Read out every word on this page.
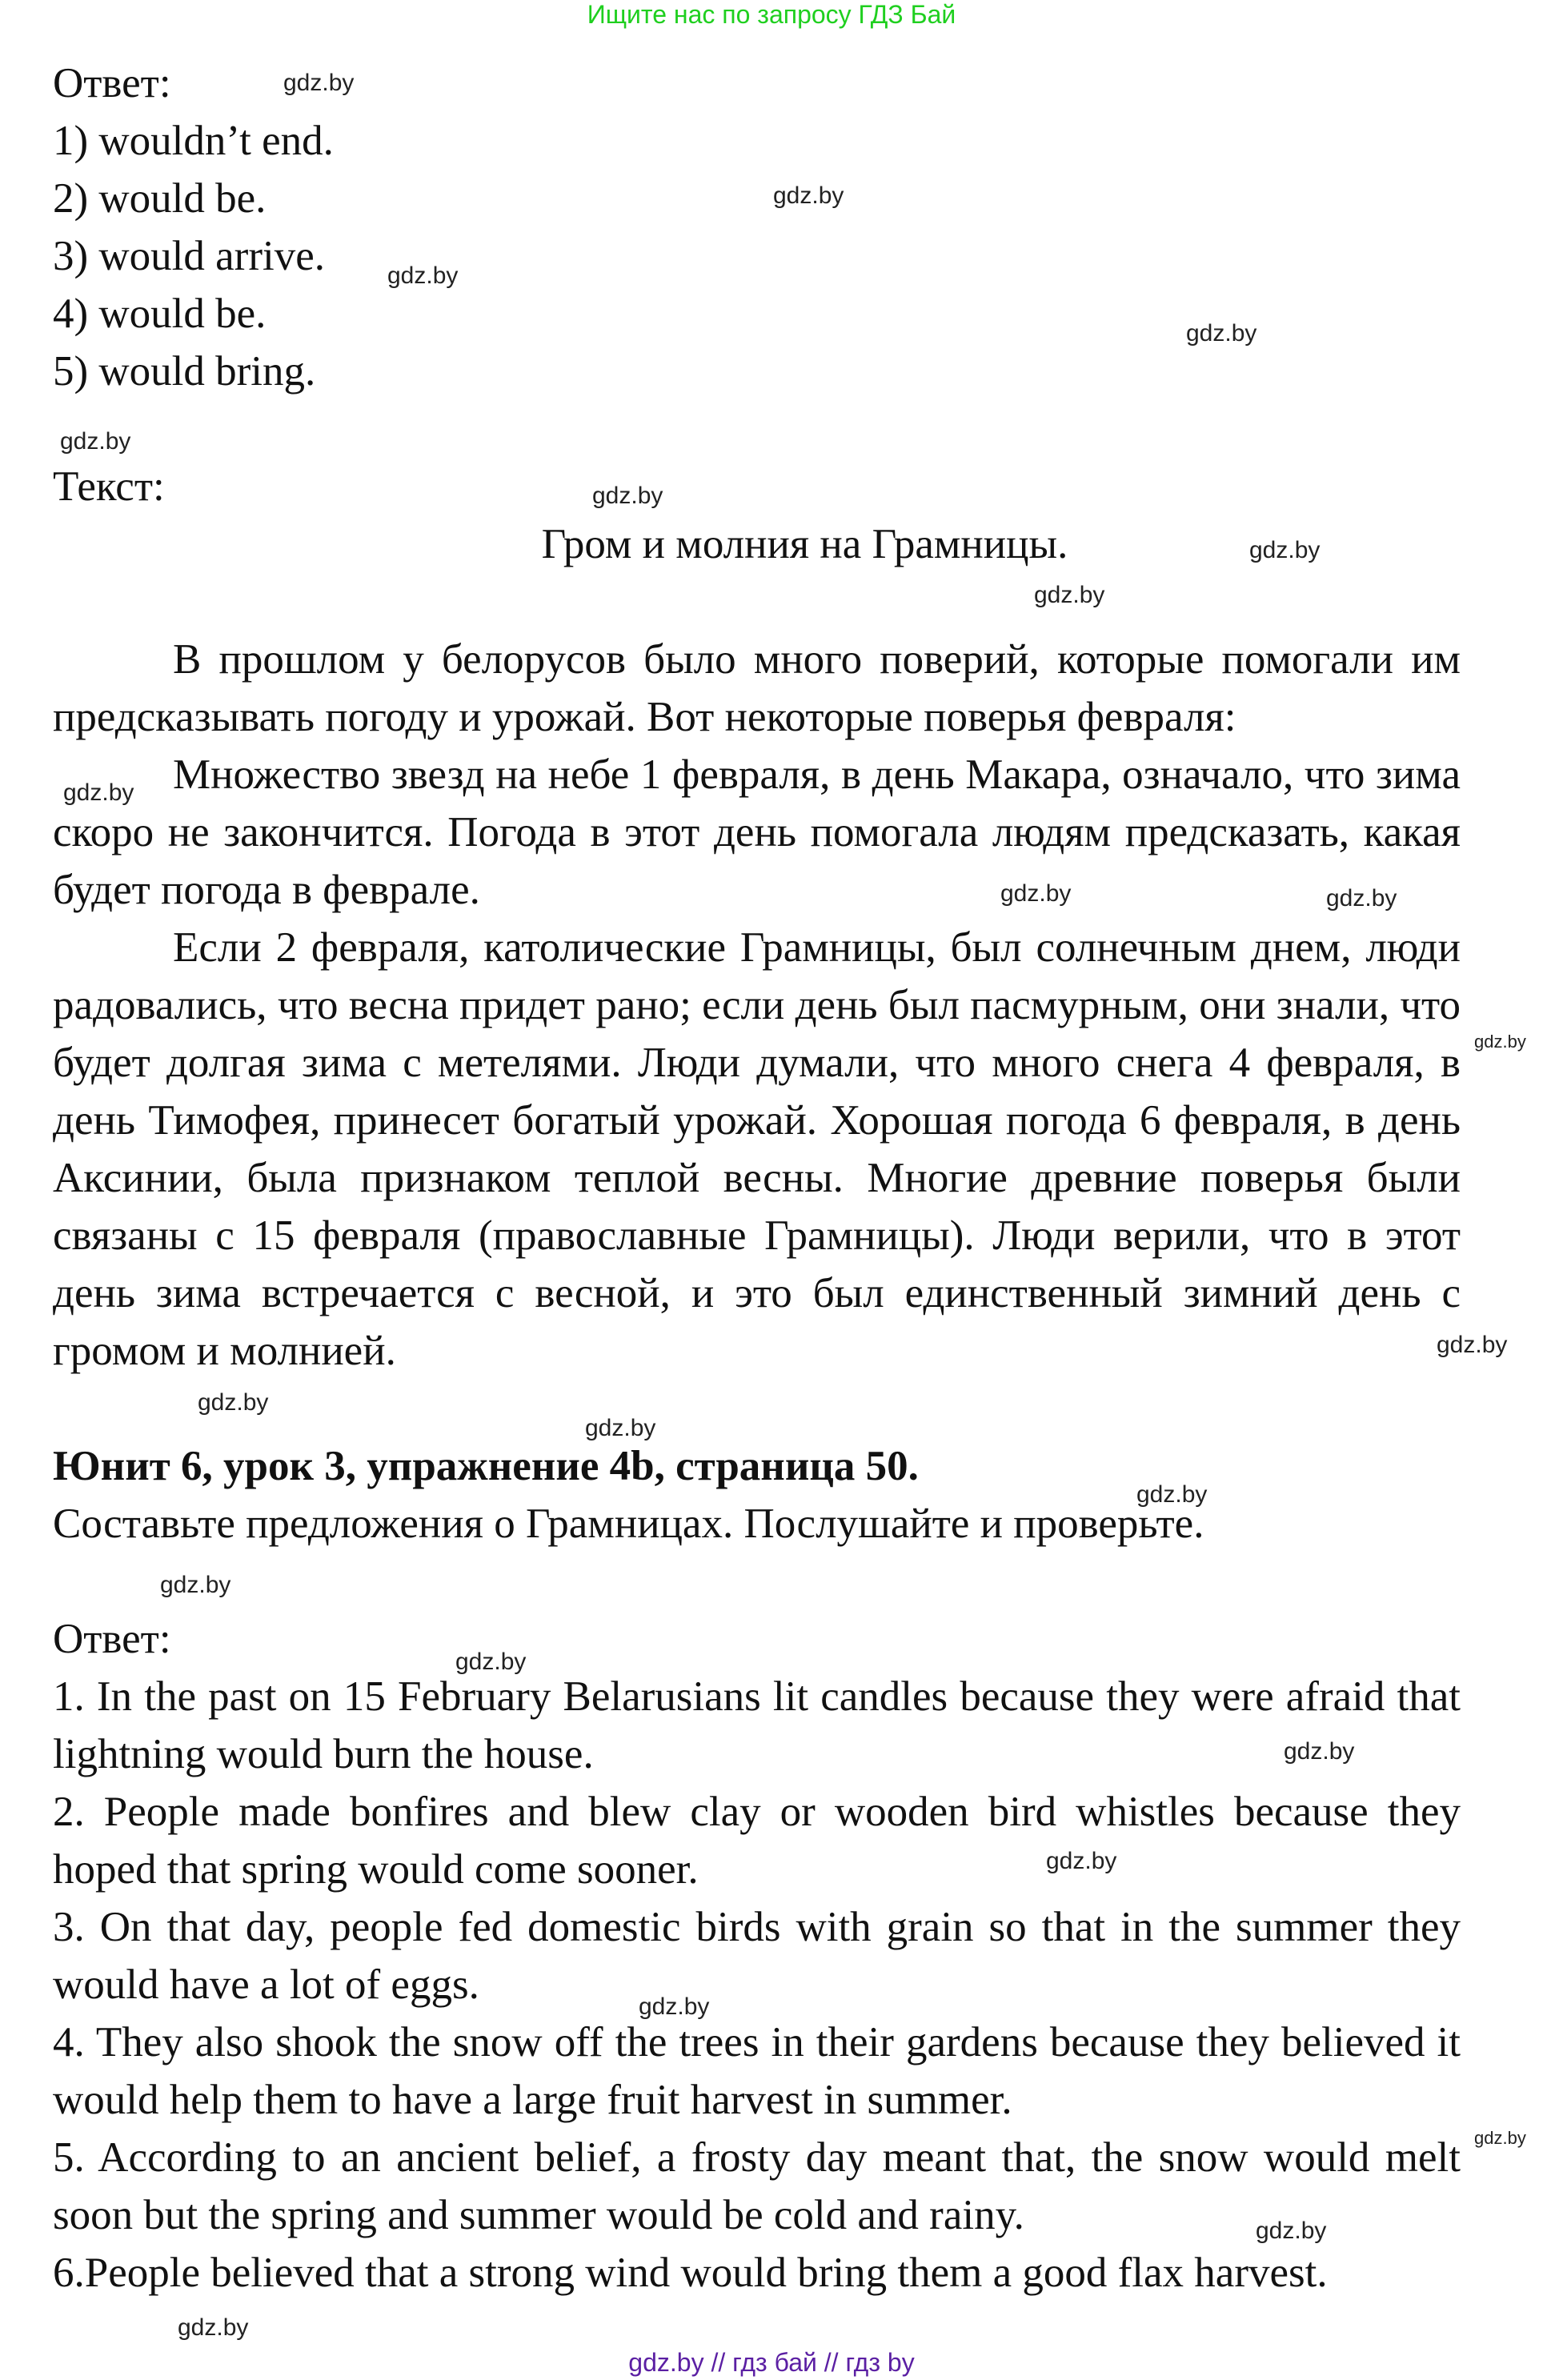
Ищите нас по запросу ГДЗ Бай

Ответ:

1) wouldn’t end.

2) would be.

3) would arrive.

4) would be.

5) would bring.

Текст:

Гром и молния на Грамницы.

В прошлом у белорусов было много поверий, которые помогали им предсказывать погоду и урожай. Вот некоторые поверья февраля:

Множество звезд на небе 1 февраля, в день Макара, означало, что зима скоро не закончится. Погода в этот день помогала людям предсказать, какая будет погода в феврале.

Если 2 февраля, католические Грамницы, был солнечным днем, люди радовались, что весна придет рано; если день был пасмурным, они знали, что будет долгая зима с метелями. Люди думали, что много снега 4 февраля, в день Тимофея, принесет богатый урожай. Хорошая погода 6 февраля, в день Аксинии, была признаком теплой весны. Многие древние поверья были связаны с 15 февраля (православные Грамницы). Люди верили, что в этот день зима встречается с весной, и это был единственный зимний день с громом и молнией.

Юнит 6, урок 3, упражнение 4b, страница 50.

Составьте предложения о Грамницах. Послушайте и проверьте.

Ответ:

1. In the past on 15 February Belarusians lit candles because they were afraid that lightning would burn the house.

2. People made bonfires and blew clay or wooden bird whistles because they hoped that spring would come sooner.

3. On that day, people fed domestic birds with grain so that in the summer they would have a lot of eggs.

4. They also shook the snow off the trees in their gardens because they believed it would help them to have a large fruit harvest in summer.

5. According to an ancient belief, a frosty day meant that, the snow would melt soon but the spring and summer would be cold and rainy.

6.People believed that a strong wind would bring them a good flax harvest.

gdz.by
gdz.by
gdz.by
gdz.by
gdz.by
gdz.by
gdz.by
gdz.by
gdz.by
gdz.by	gdz.by
gdz.by
gdz.by
gdz.by
gdz.by
gdz.by
gdz.by
gdz.by
gdz.by
gdz.by
gdz.by
gdz.by
gdz.by
gdz.by
gdz.by // гдз бай // гдз by
